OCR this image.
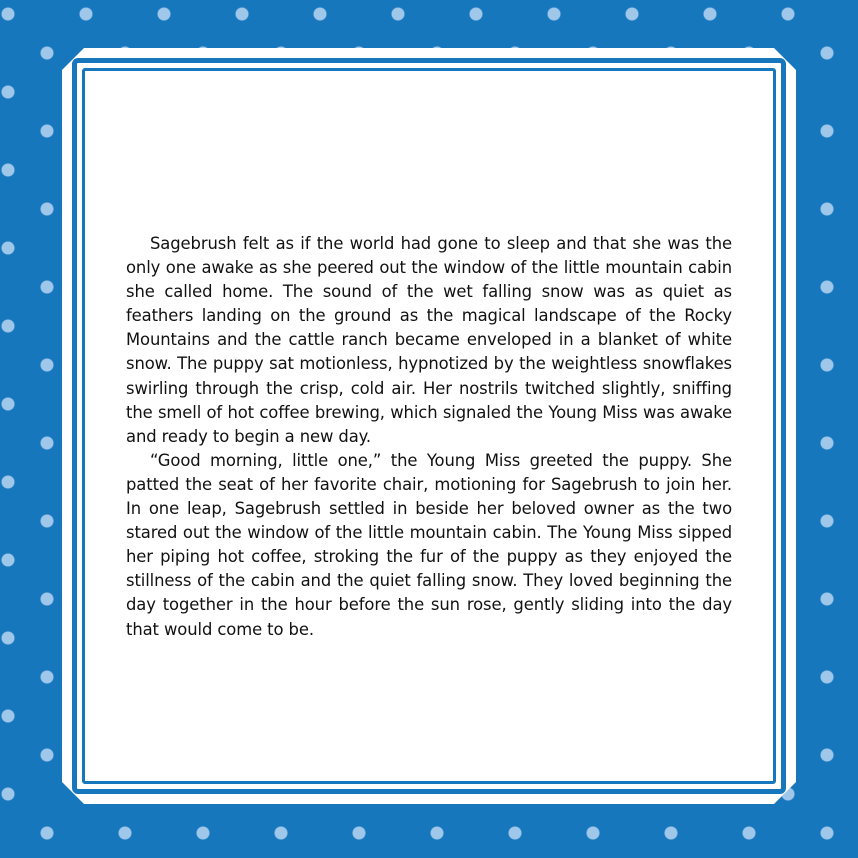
Sagebrush felt as if the world had gone to sleep and that she was the only one awake as she peered out the window of the little mountain cabin she called home. The sound of the wet falling snow was as quiet as feathers landing on the ground as the magical landscape of the Rocky Mountains and the cattle ranch became enveloped in a blanket of white snow. The puppy sat motionless, hypnotized by the weightless snowflakes swirling through the crisp, cold air. Her nostrils twitched slightly, sniffing the smell of hot coffee brewing, which signaled the Young Miss was awake and ready to begin a new day.

“Good morning, little one,” the Young Miss greeted the puppy. She patted the seat of her favorite chair, motioning for Sagebrush to join her. In one leap, Sagebrush settled in beside her beloved owner as the two stared out the window of the little mountain cabin. The Young Miss sipped her piping hot coffee, stroking the fur of the puppy as they enjoyed the stillness of the cabin and the quiet falling snow. They loved beginning the day together in the hour before the sun rose, gently sliding into the day that would come to be.
